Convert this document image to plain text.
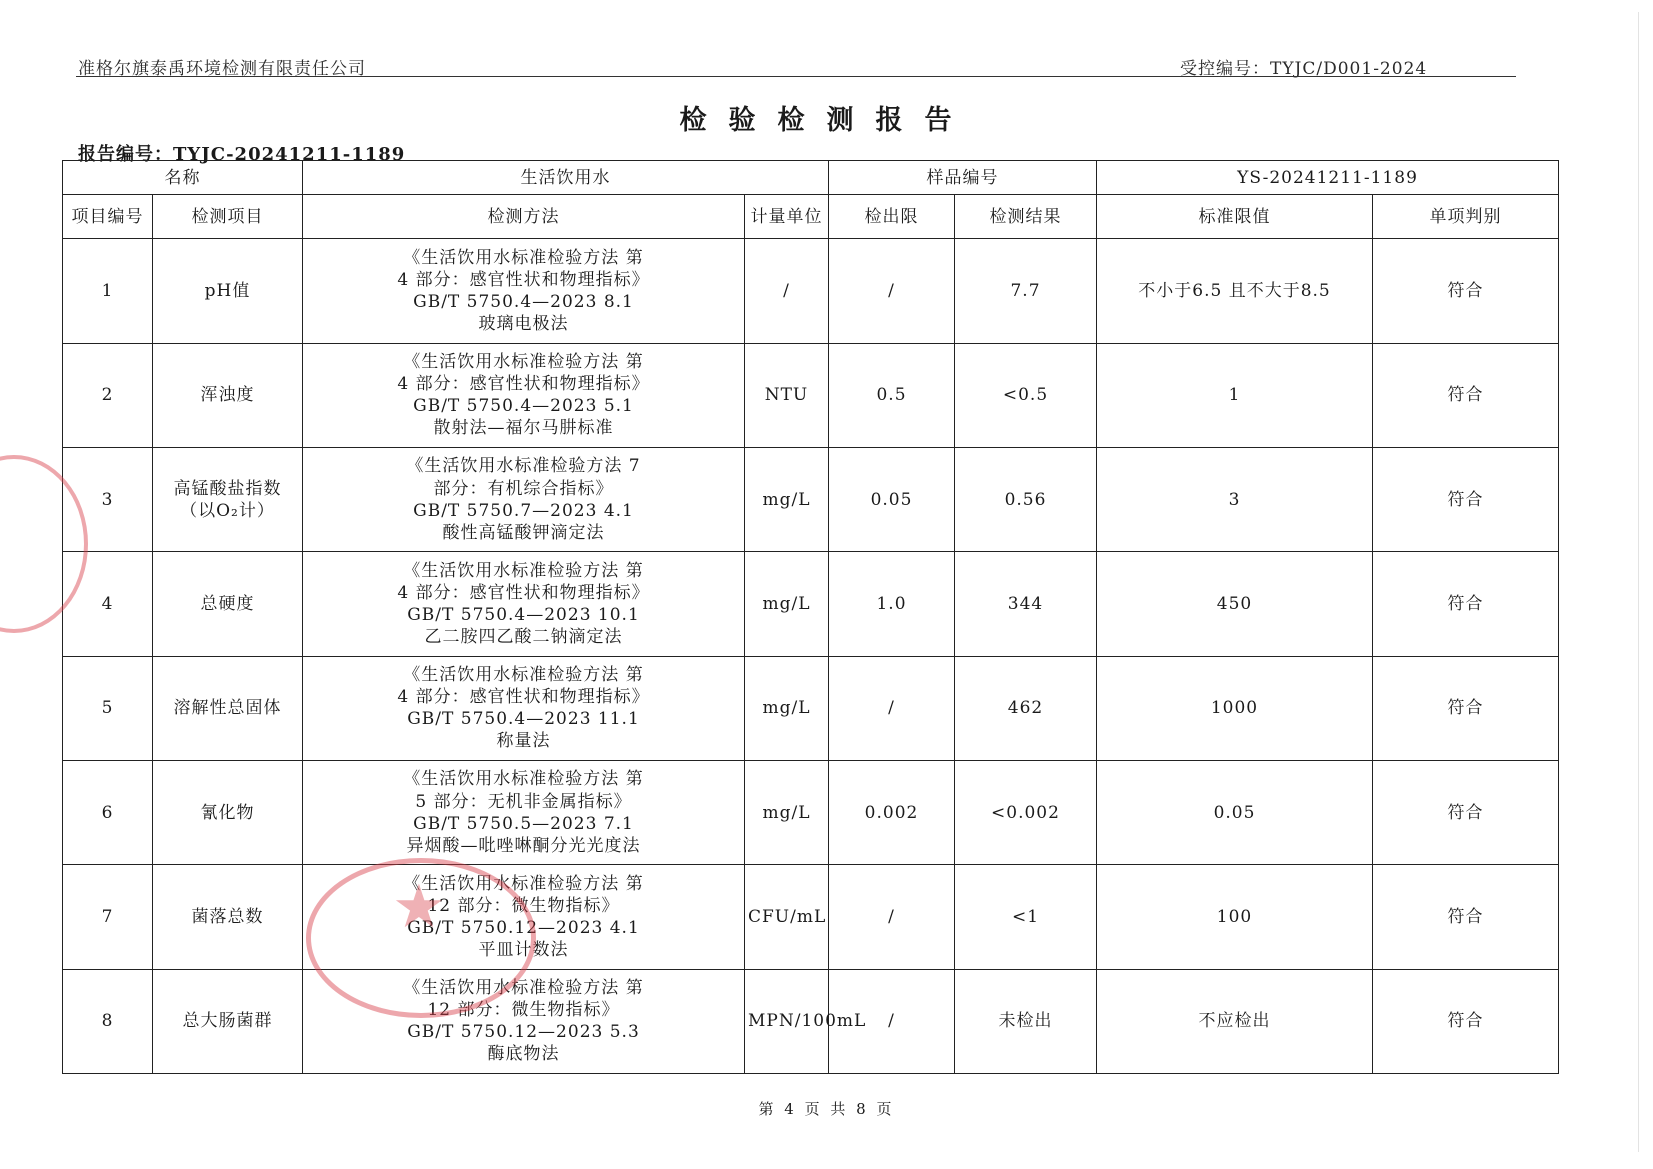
准格尔旗泰禹环境检测有限责任公司	受控编号：TYJC/D001-2024
检验检测报告
报告编号：TYJC-20241211-1189
名称		生活饮用水		样品编号		YS-20241211-1189	
项目编号	检测项目	检测方法	计量单位	检出限	检测结果	标准限值	单项判别
1	pH值	《生活饮用水标准检验方法 第
4 部分：感官性状和物理指标》
GB/T 5750.4—2023 8.1
玻璃电极法	/	/	7.7	不小于6.5 且不大于8.5	符合
2	浑浊度	《生活饮用水标准检验方法 第
4 部分：感官性状和物理指标》
GB/T 5750.4—2023 5.1
散射法—福尔马肼标准	NTU	0.5	<0.5	1	符合
3	高锰酸盐指数（以O₂计）	《生活饮用水标准检验方法 7
部分：有机综合指标》
GB/T 5750.7—2023 4.1
酸性高锰酸钾滴定法	mg/L	0.05	0.56	3	符合
4	总硬度	《生活饮用水标准检验方法 第
4 部分：感官性状和物理指标》
GB/T 5750.4—2023 10.1
乙二胺四乙酸二钠滴定法	mg/L	1.0	344	450	符合
5	溶解性总固体	《生活饮用水标准检验方法 第
4 部分：感官性状和物理指标》
GB/T 5750.4—2023 11.1
称量法	mg/L	/	462	1000	符合
6	氰化物	《生活饮用水标准检验方法 第
5 部分：无机非金属指标》
GB/T 5750.5—2023 7.1
异烟酸—吡唑啉酮分光光度法	mg/L	0.002	<0.002	0.05	符合
7	菌落总数	《生活饮用水标准检验方法 第
12 部分：微生物指标》
GB/T 5750.12—2023 4.1
平皿计数法	CFU/mL	/	<1	100	符合
8	总大肠菌群	《生活饮用水标准检验方法 第
12 部分：微生物指标》
GB/T 5750.12—2023 5.3
酶底物法	MPN/100mL	/	未检出	不应检出	符合
★
第 4 页 共 8 页
